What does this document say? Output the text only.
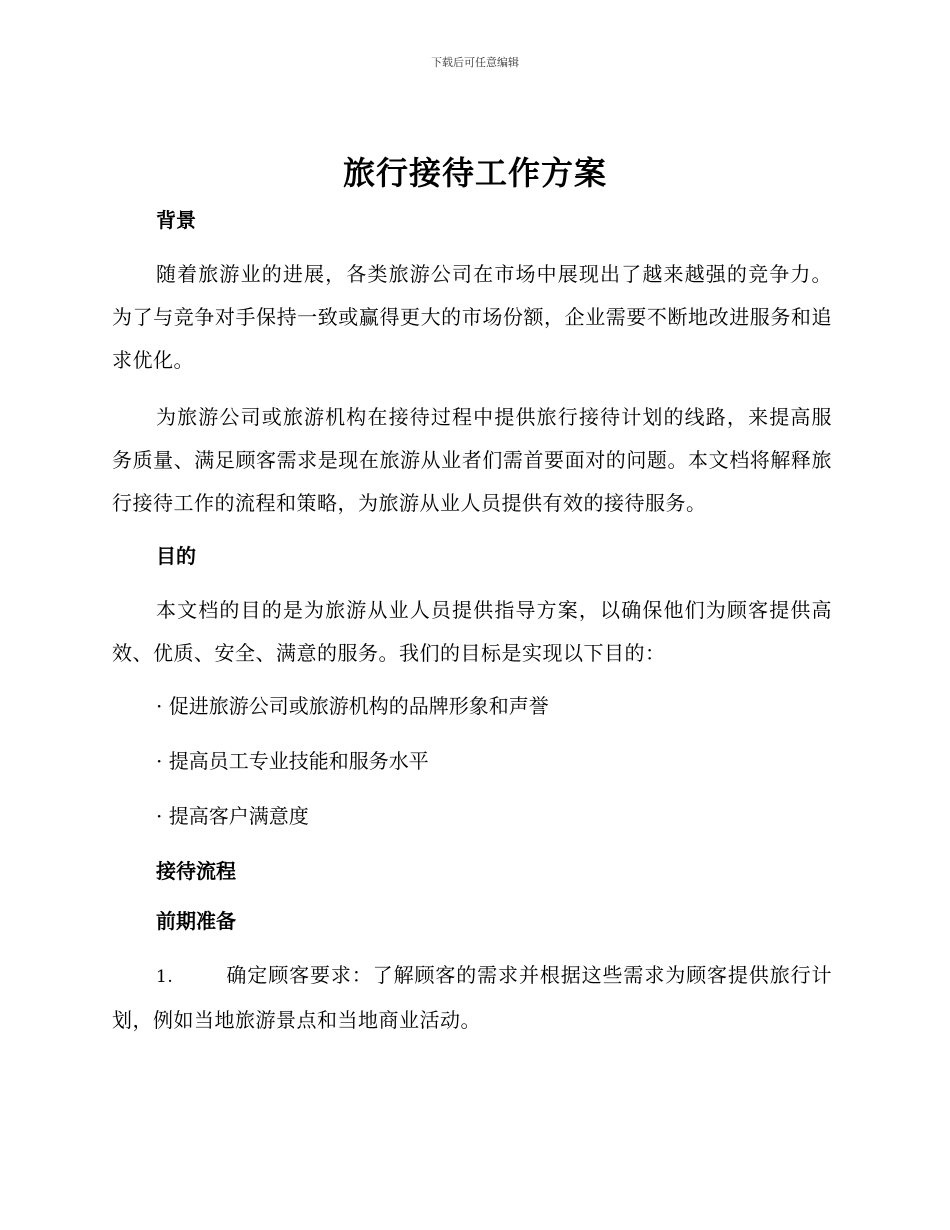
下载后可任意编辑
旅行接待工作方案
背景

随着旅游业的进展，各类旅游公司在市场中展现出了越来越强的竞争力。为了与竞争对手保持一致或赢得更大的市场份额，企业需要不断地改进服务和追求优化。

为旅游公司或旅游机构在接待过程中提供旅行接待计划的线路，来提高服务质量、满足顾客需求是现在旅游从业者们需首要面对的问题。本文档将解释旅行接待工作的流程和策略，为旅游从业人员提供有效的接待服务。

目的

本文档的目的是为旅游从业人员提供指导方案，以确保他们为顾客提供高效、优质、安全、满意的服务。我们的目标是实现以下目的：

· 促进旅游公司或旅游机构的品牌形象和声誉
· 提高员工专业技能和服务水平
· 提高客户满意度
接待流程
前期准备

1.	确定顾客要求：了解顾客的需求并根据这些需求为顾客提供旅行计划，例如当地旅游景点和当地商业活动。
